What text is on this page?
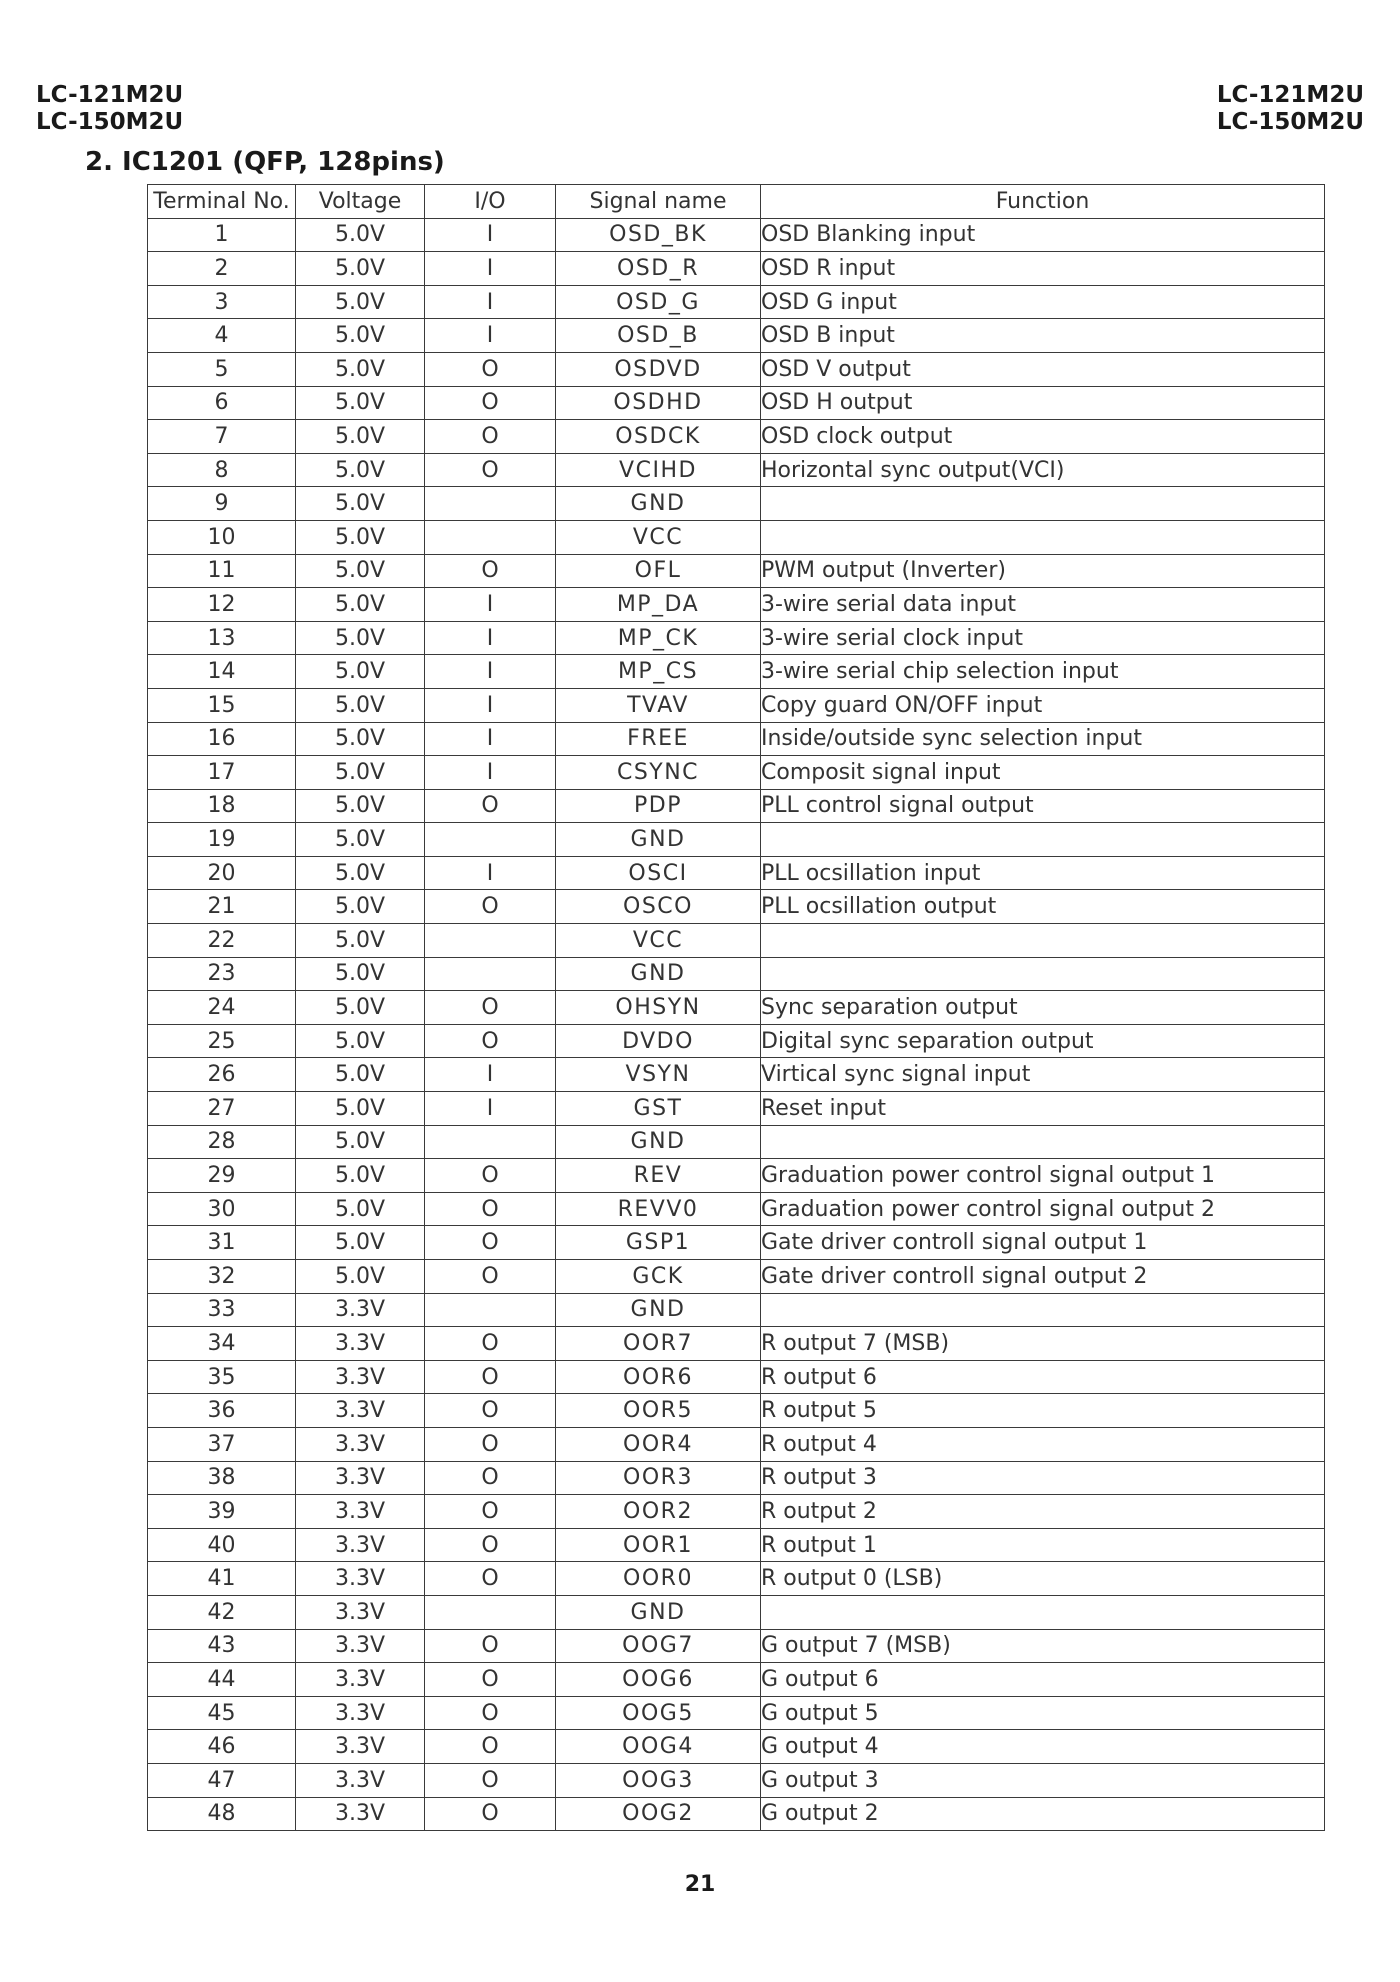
LC-121M2U
LC-150M2U
LC-121M2U
LC-150M2U
2. IC1201 (QFP, 128pins)
Terminal No.	Voltage	I/O	Signal name	Function
1	5.0V	I	OSD_BK	OSD Blanking input
2	5.0V	I	OSD_R	OSD R input
3	5.0V	I	OSD_G	OSD G input
4	5.0V	I	OSD_B	OSD B input
5	5.0V	O	OSDVD	OSD V output
6	5.0V	O	OSDHD	OSD H output
7	5.0V	O	OSDCK	OSD clock output
8	5.0V	O	VCIHD	Horizontal sync output(VCI)
9	5.0V		GND	
10	5.0V		VCC	
11	5.0V	O	OFL	PWM output (Inverter)
12	5.0V	I	MP_DA	3-wire serial data input
13	5.0V	I	MP_CK	3-wire serial clock input
14	5.0V	I	MP_CS	3-wire serial chip selection input
15	5.0V	I	TVAV	Copy guard ON/OFF input
16	5.0V	I	FREE	Inside/outside sync selection input
17	5.0V	I	CSYNC	Composit signal input
18	5.0V	O	PDP	PLL control signal output
19	5.0V		GND	
20	5.0V	I	OSCI	PLL ocsillation input
21	5.0V	O	OSCO	PLL ocsillation output
22	5.0V		VCC	
23	5.0V		GND	
24	5.0V	O	OHSYN	Sync separation output
25	5.0V	O	DVDO	Digital sync separation output
26	5.0V	I	VSYN	Virtical sync signal input
27	5.0V	I	GST	Reset input
28	5.0V		GND	
29	5.0V	O	REV	Graduation power control signal output 1
30	5.0V	O	REVV0	Graduation power control signal output 2
31	5.0V	O	GSP1	Gate driver controll signal output 1
32	5.0V	O	GCK	Gate driver controll signal output 2
33	3.3V		GND	
34	3.3V	O	OOR7	R output 7 (MSB)
35	3.3V	O	OOR6	R output 6
36	3.3V	O	OOR5	R output 5
37	3.3V	O	OOR4	R output 4
38	3.3V	O	OOR3	R output 3
39	3.3V	O	OOR2	R output 2
40	3.3V	O	OOR1	R output 1
41	3.3V	O	OOR0	R output 0 (LSB)
42	3.3V		GND	
43	3.3V	O	OOG7	G output 7 (MSB)
44	3.3V	O	OOG6	G output 6
45	3.3V	O	OOG5	G output 5
46	3.3V	O	OOG4	G output 4
47	3.3V	O	OOG3	G output 3
48	3.3V	O	OOG2	G output 2
21
